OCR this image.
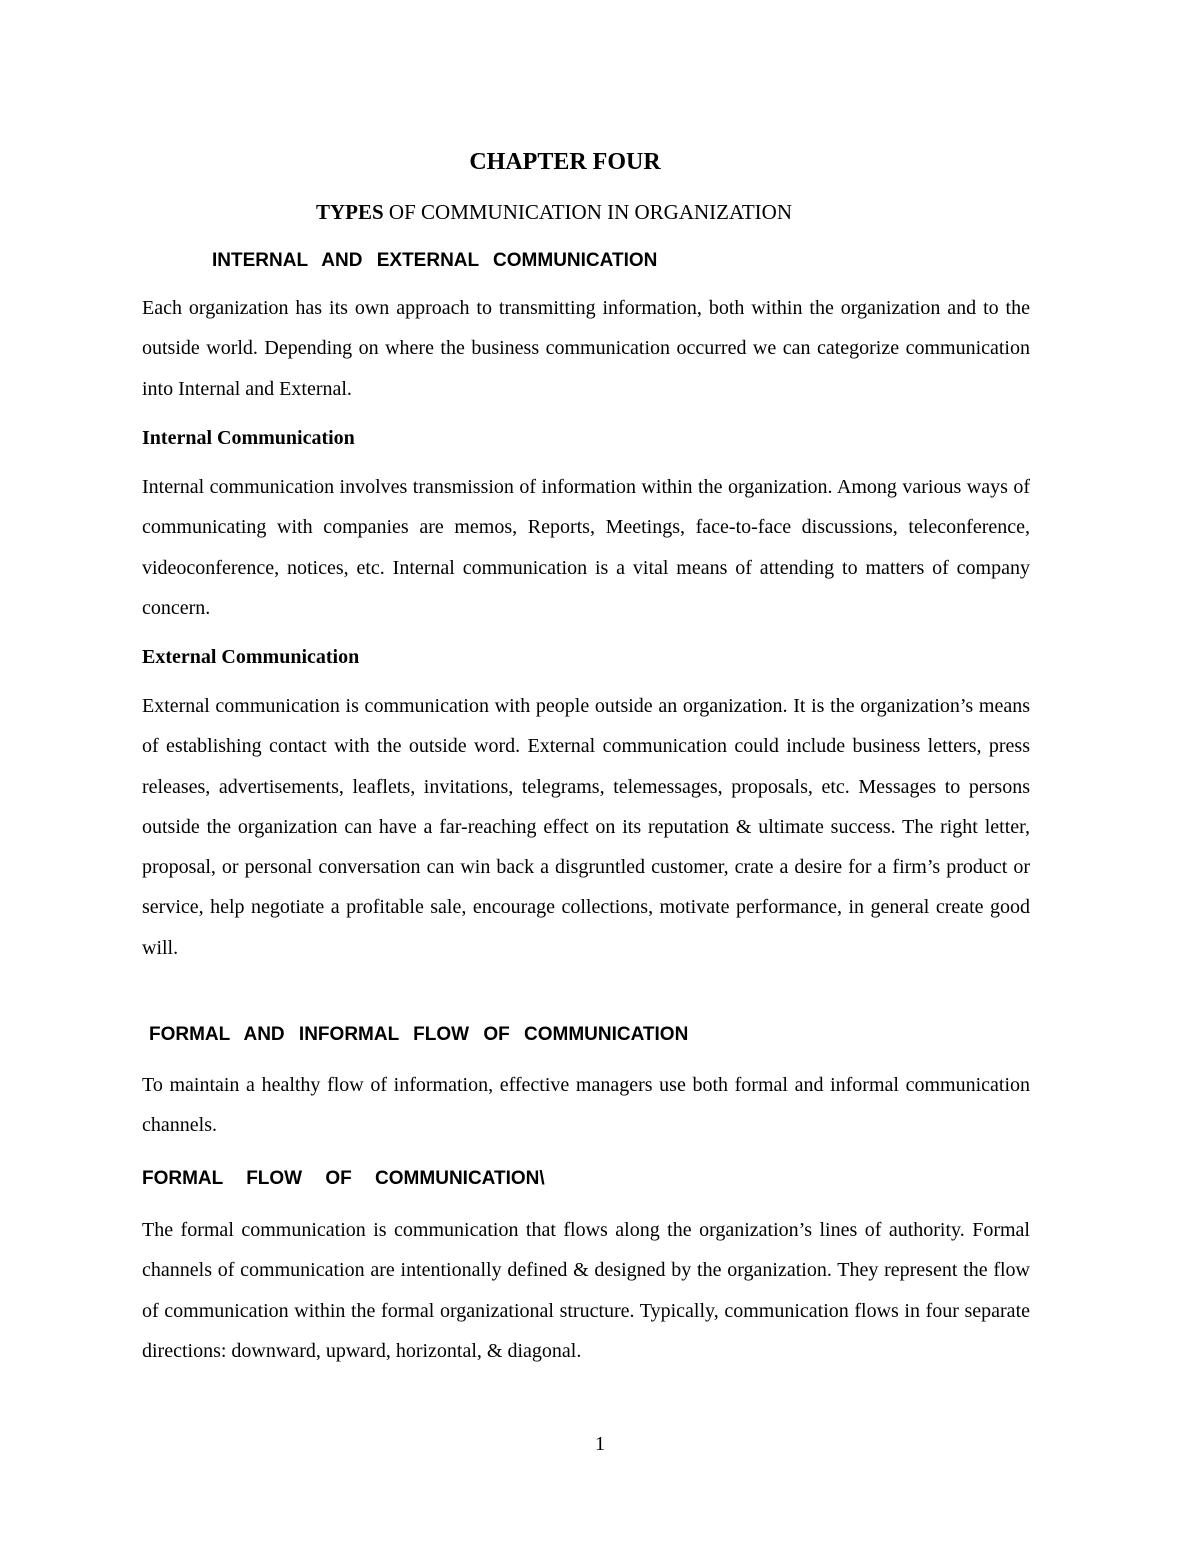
CHAPTER FOUR
TYPES OF COMMUNICATION IN ORGANIZATION
INTERNAL AND EXTERNAL COMMUNICATION

Each organization has its own approach to transmitting information, both within the organization and to the outside world. Depending on where the business communication occurred we can categorize communication into Internal and External.

Internal Communication

Internal communication involves transmission of information within the organization. Among various ways of communicating with companies are memos, Reports, Meetings, face-to-face discussions, teleconference, videoconference, notices, etc. Internal communication is a vital means of attending to matters of company concern.

External Communication

External communication is communication with people outside an organization. It is the organization’s means of establishing contact with the outside word. External communication could include business letters, press releases, advertisements, leaflets, invitations, telegrams, telemessages, proposals, etc. Messages to persons outside the organization can have a far-reaching effect on its reputation & ultimate success. The right letter, proposal, or personal conversation can win back a disgruntled customer, crate a desire for a firm’s product or service, help negotiate a profitable sale, encourage collections, motivate performance, in general create good will.

FORMAL AND INFORMAL FLOW OF COMMUNICATION

To maintain a healthy flow of information, effective managers use both formal and informal communication channels.

FORMAL FLOW OF COMMUNICATION\

The formal communication is communication that flows along the organization’s lines of authority. Formal channels of communication are intentionally defined & designed by the organization. They represent the flow of communication within the formal organizational structure. Typically, communication flows in four separate directions: downward, upward, horizontal, & diagonal.

1
